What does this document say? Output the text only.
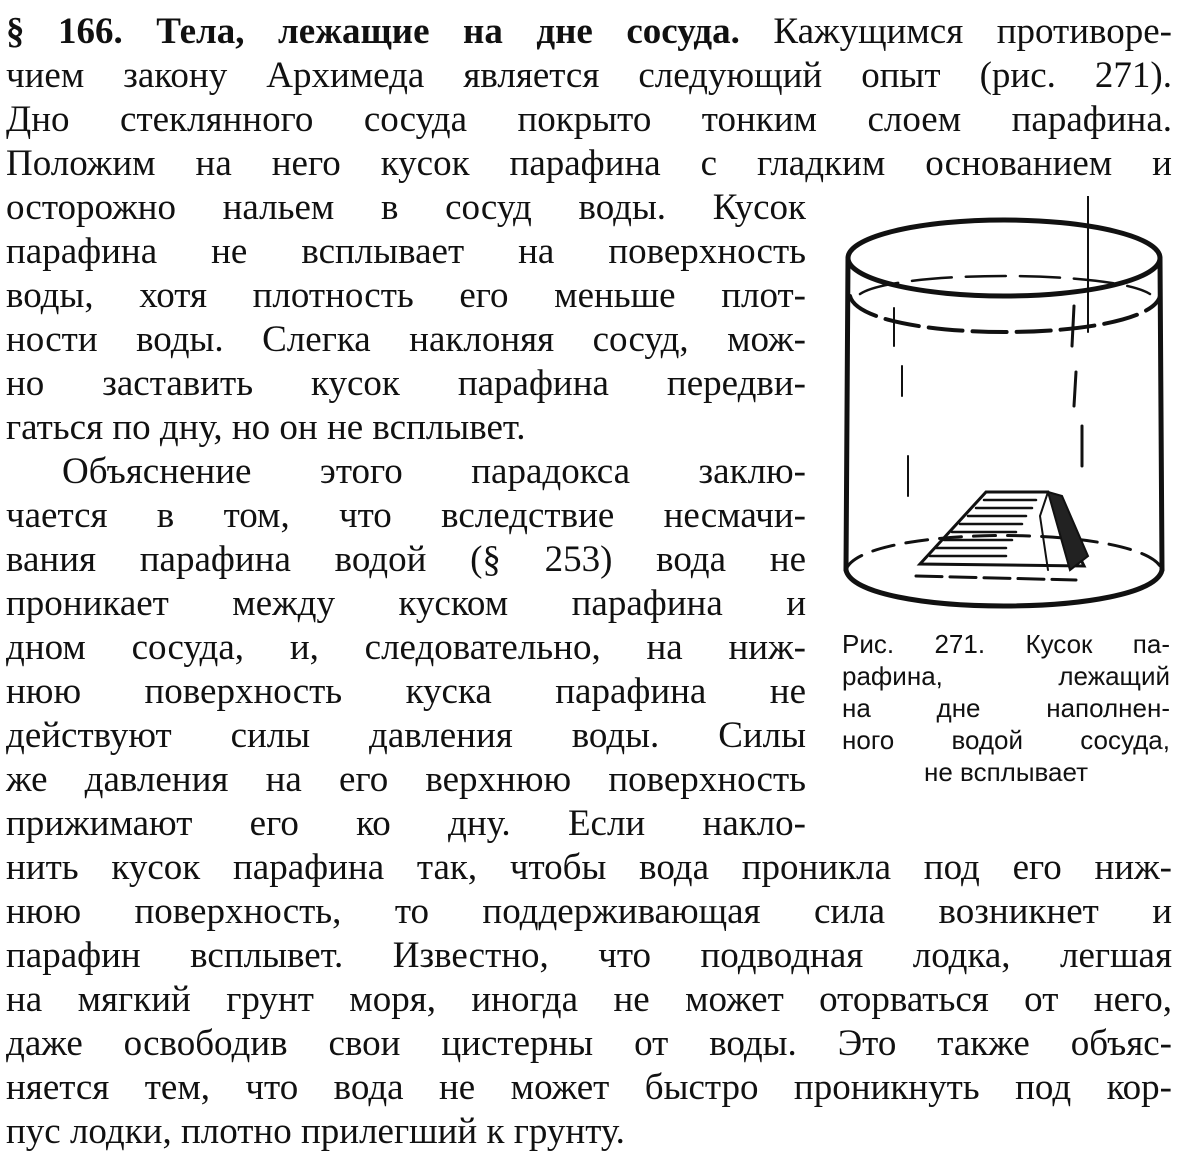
§ 166. Тела, лежащие на дне сосуда. Кажущимся противоре-
чием закону Архимеда является следующий опыт (рис. 271).
Дно стеклянного сосуда покрыто тонким слоем парафина.
Положим на него кусок парафина с гладким основанием и
осторожно нальем в сосуд воды. Кусок
парафина не всплывает на поверхность
воды, хотя плотность его меньше плот-
ности воды. Слегка наклоняя сосуд, мож-
но заставить кусок парафина передви-
гаться по дну, но он не всплывет.
Объяснение этого парадокса заклю-
чается в том, что вследствие несмачи-
вания парафина водой (§ 253) вода не
проникает между куском парафина и
дном сосуда, и, следовательно, на ниж-
нюю поверхность куска парафина не
действуют силы давления воды. Силы
же давления на его верхнюю поверхность
прижимают его ко дну. Если накло-
нить кусок парафина так, чтобы вода проникла под его ниж-
нюю поверхность, то поддерживающая сила возникнет и
парафин всплывет. Известно, что подводная лодка, легшая
на мягкий грунт моря, иногда не может оторваться от него,
даже освободив свои цистерны от воды. Это также объяс-
няется тем, что вода не может быстро проникнуть под кор-
пус лодки, плотно прилегший к грунту.
Рис. 271. Кусок па-
рафина, лежащий
на дне наполнен-
ного водой сосуда,
не всплывает
